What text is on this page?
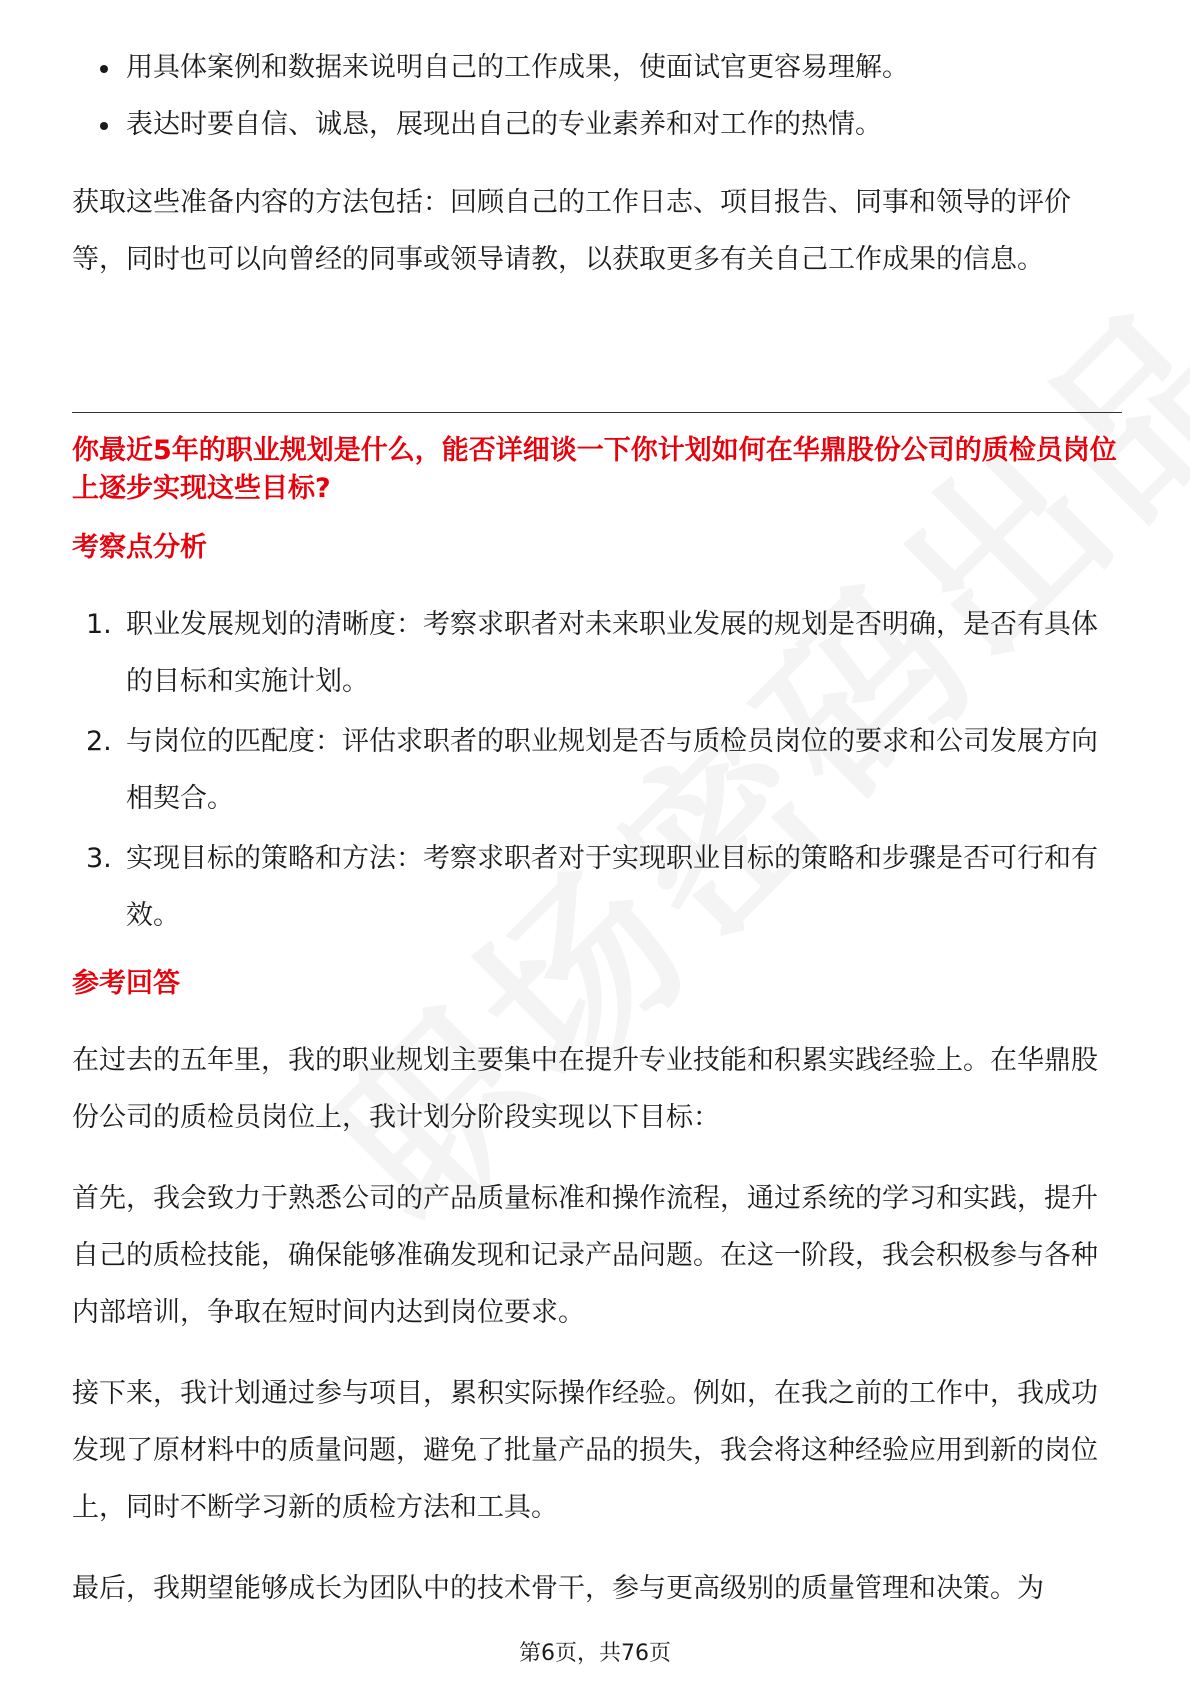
用具体案例和数据来说明自己的工作成果，使面试官更容易理解。
表达时要自信、诚恳，展现出自己的专业素养和对工作的热情。

获取这些准备内容的方法包括：回顾自己的工作日志、项目报告、同事和领导的评价等，同时也可以向曾经的同事或领导请教，以获取更多有关自己工作成果的信息。

你最近5年的职业规划是什么，能否详细谈一下你计划如何在华鼎股份公司的质检员岗位上逐步实现这些目标?

考察点分析

1. 职业发展规划的清晰度：考察求职者对未来职业发展的规划是否明确，是否有具体的目标和实施计划。
2. 与岗位的匹配度：评估求职者的职业规划是否与质检员岗位的要求和公司发展方向相契合。
3. 实现目标的策略和方法：考察求职者对于实现职业目标的策略和步骤是否可行和有效。

参考回答

在过去的五年里，我的职业规划主要集中在提升专业技能和积累实践经验上。在华鼎股份公司的质检员岗位上，我计划分阶段实现以下目标：

首先，我会致力于熟悉公司的产品质量标准和操作流程，通过系统的学习和实践，提升自己的质检技能，确保能够准确发现和记录产品问题。在这一阶段，我会积极参与各种内部培训，争取在短时间内达到岗位要求。

接下来，我计划通过参与项目，累积实际操作经验。例如，在我之前的工作中，我成功发现了原材料中的质量问题，避免了批量产品的损失，我会将这种经验应用到新的岗位上，同时不断学习新的质检方法和工具。

最后，我期望能够成长为团队中的技术骨干，参与更高级别的质量管理和决策。为

第6页，共76页
